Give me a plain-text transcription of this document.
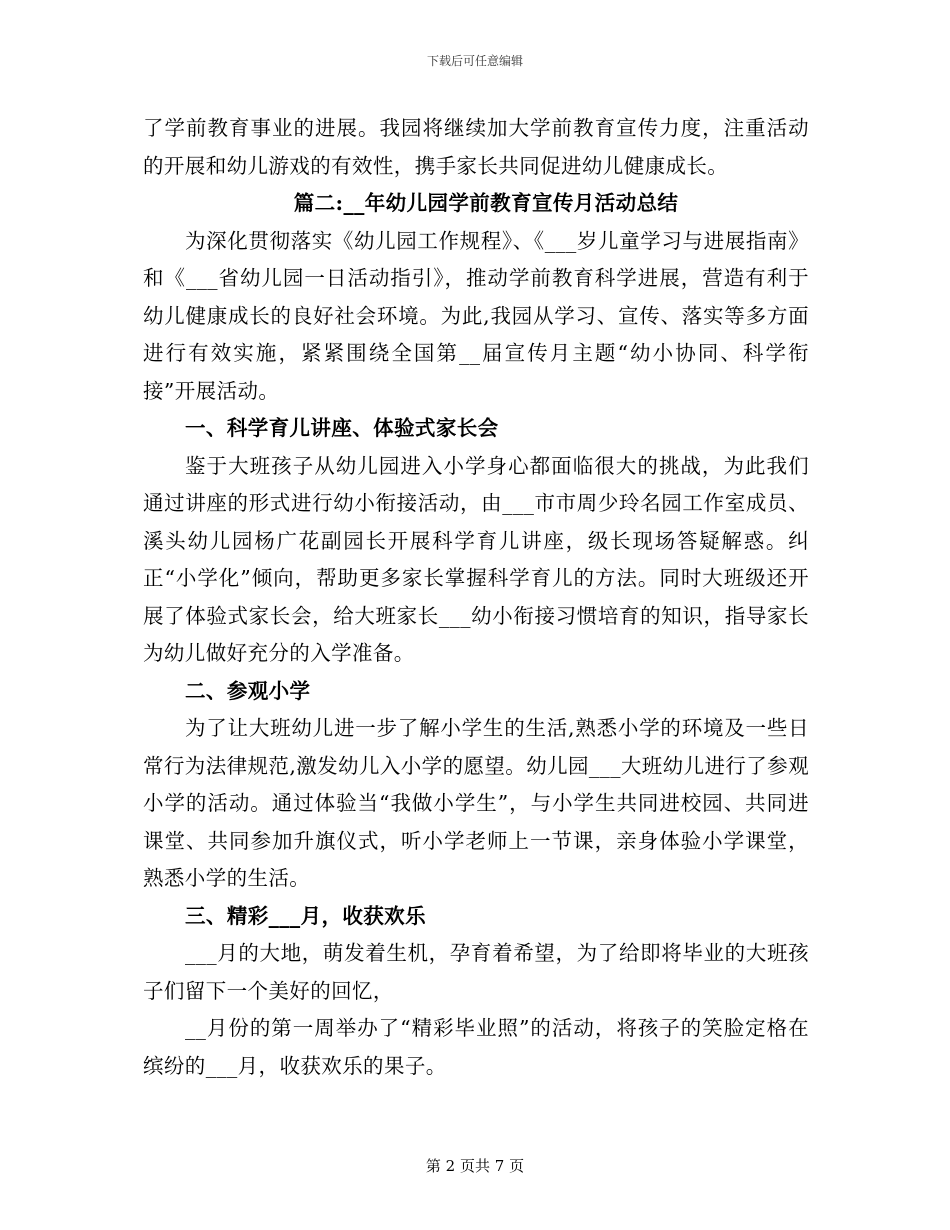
下载后可任意编辑

了学前教育事业的进展。我园将继续加大学前教育宣传力度，注重活动的开展和幼儿游戏的有效性，携手家长共同促进幼儿健康成长。

篇二:__年幼儿园学前教育宣传月活动总结

为深化贯彻落实《幼儿园工作规程》、《___岁儿童学习与进展指南》和《___省幼儿园一日活动指引》，推动学前教育科学进展，营造有利于幼儿健康成长的良好社会环境。为此,我园从学习、宣传、落实等多方面进行有效实施，紧紧围绕全国第__届宣传月主题“幼小协同、科学衔接”开展活动。

一、科学育儿讲座、体验式家长会

鉴于大班孩子从幼儿园进入小学身心都面临很大的挑战，为此我们通过讲座的形式进行幼小衔接活动，由___市市周少玲名园工作室成员、溪头幼儿园杨广花副园长开展科学育儿讲座，级长现场答疑解惑。纠正“小学化”倾向，帮助更多家长掌握科学育儿的方法。同时大班级还开展了体验式家长会，给大班家长___幼小衔接习惯培育的知识，指导家长为幼儿做好充分的入学准备。

二、参观小学

为了让大班幼儿进一步了解小学生的生活,熟悉小学的环境及一些日常行为法律规范,激发幼儿入小学的愿望。幼儿园___大班幼儿进行了参观小学的活动。通过体验当“我做小学生”，与小学生共同进校园、共同进课堂、共同参加升旗仪式，听小学老师上一节课，亲身体验小学课堂，熟悉小学的生活。

三、精彩___月，收获欢乐

___月的大地，萌发着生机，孕育着希望，为了给即将毕业的大班孩子们留下一个美好的回忆，

__月份的第一周举办了“精彩毕业照”的活动，将孩子的笑脸定格在缤纷的___月，收获欢乐的果子。

第 2 页共 7 页
